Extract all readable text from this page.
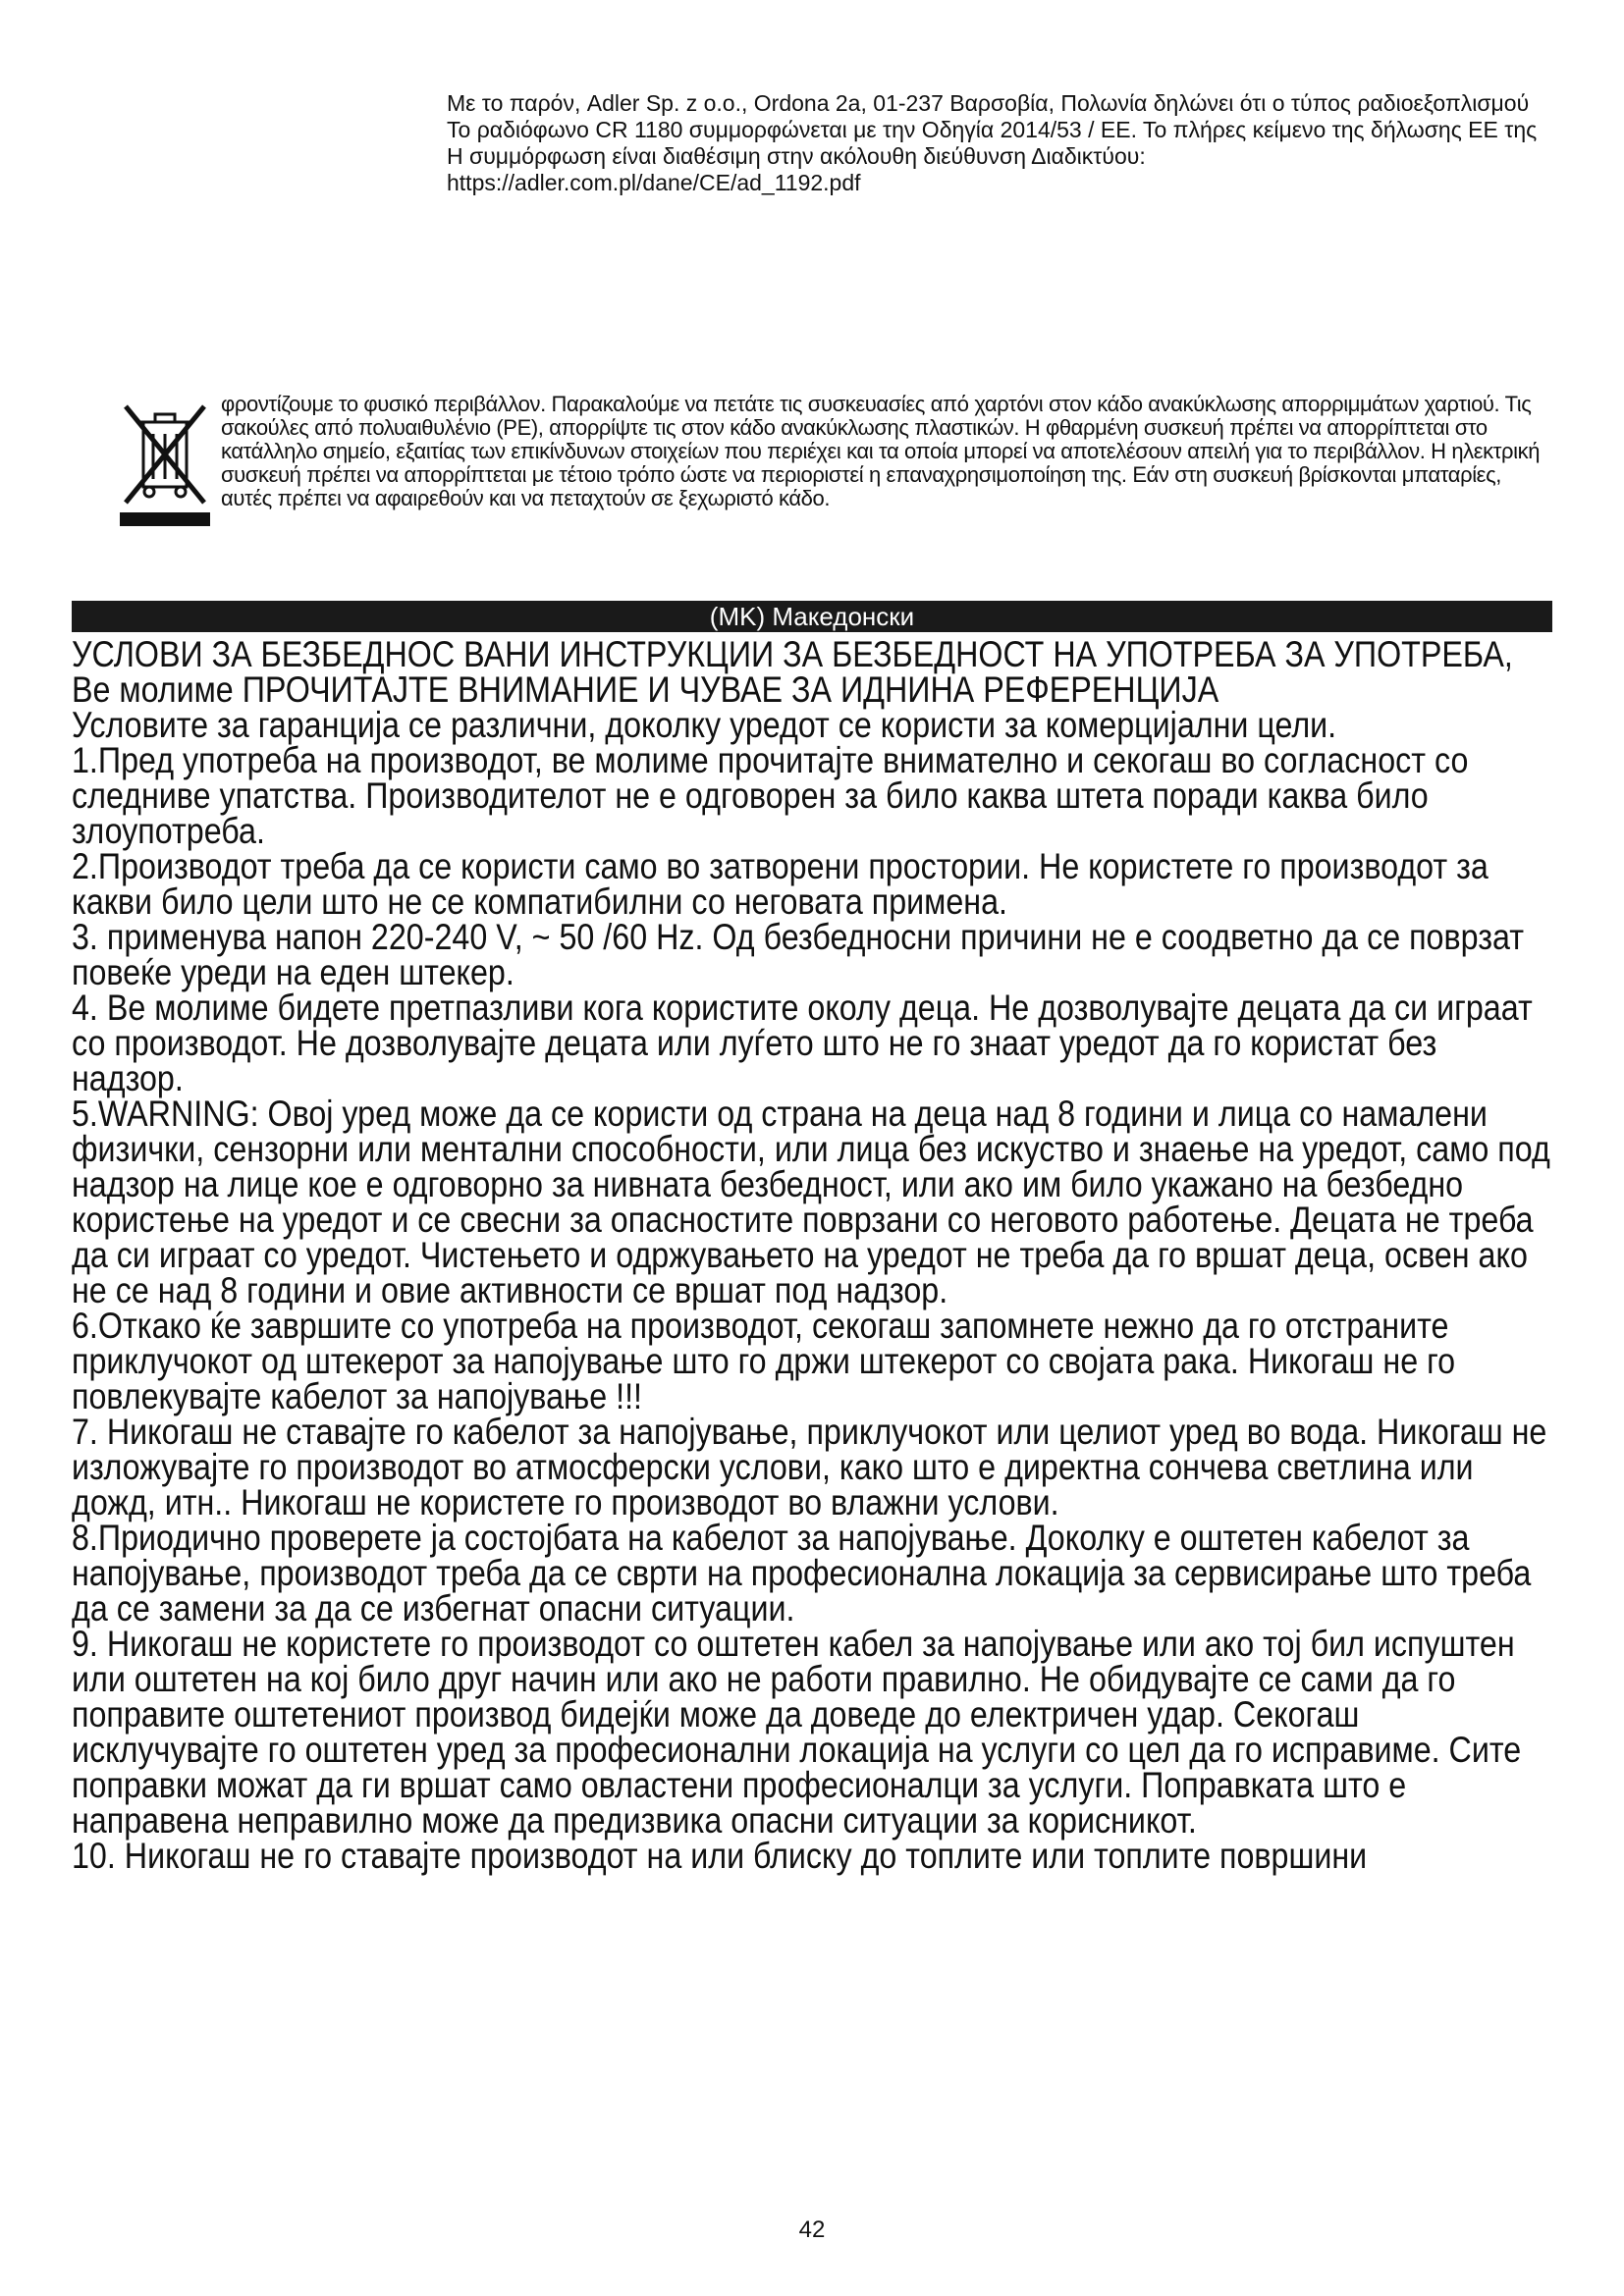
Με το παρόν, Adler Sp. z o.o., Ordona 2a, 01-237 Βαρσοβία, Πολωνία δηλώνει ότι ο τύπος ραδιοεξοπλισμού

Το ραδιόφωνο CR 1180 συμμορφώνεται με την Οδηγία 2014/53 / ΕΕ. Το πλήρες κείμενο της δήλωσης ΕΕ της Η συμμόρφωση είναι διαθέσιμη στην ακόλουθη διεύθυνση Διαδικτύου: https://adler.com.pl/dane/CE/ad_1192.pdf

φροντίζουμε το φυσικό περιβάλλον. Παρακαλούμε να πετάτε τις συσκευασίες από χαρτόνι στον κάδο ανακύκλωσης απορριμμάτων χαρτιού. Τις σακούλες από πολυαιθυλένιο (PE), απορρίψτε τις στον κάδο ανακύκλωσης πλαστικών. Η φθαρμένη συσκευή πρέπει να απορρίπτεται στο κατάλληλο σημείο, εξαιτίας των επικίνδυνων στοιχείων που περιέχει και τα οποία μπορεί να αποτελέσουν απειλή για το περιβάλλον. Η ηλεκτρική συσκευή πρέπει να απορρίπτεται με τέτοιο τρόπο ώστε να περιοριστεί η επαναχρησιμοποίηση της. Εάν στη συσκευή βρίσκονται μπαταρίες, αυτές πρέπει να αφαιρεθούν και να πεταχτούν σε ξεχωριστό κάδο.

(MK) Македонски

УСЛОВИ ЗА БЕЗБЕДНОС ВАНИ ИНСТРУКЦИИ ЗА БЕЗБЕДНОСТ НА УПОТРЕБА ЗА УПОТРЕБА, Ве молиме ПРОЧИТАЈТЕ ВНИМАНИЕ И ЧУВАЕ ЗА ИДНИНА РЕФЕРЕНЦИЈА

Условите за гаранција се различни, доколку уредот се користи за комерцијални цели.

1.Пред употреба на производот, ве молиме прочитајте внимателно и секогаш во согласност со следниве упатства. Производителот не е одговорен за било каква штета поради каква било злоупотреба.

2.Производот треба да се користи само во затворени простории. Не користете го производот за какви било цели што не се компатибилни со неговата примена.

3. применува напон 220-240 V, ~ 50 /60 Hz. Од безбедносни причини не е соодветно да се поврзат повеќе уреди на еден штекер.

4. Ве молиме бидете претпазливи кога користите околу деца. Не дозволувајте децата да си играат со производот. Не дозволувајте децата или луѓето што не го знаат уредот да го користат без надзор.

5.WARNING: Овој уред може да се користи од страна на деца над 8 години и лица со намалени физички, сензорни или ментални способности, или лица без искуство и знаење на уредот, само под надзор на лице кое е одговорно за нивната безбедност, или ако им било укажано на безбедно користење на уредот и се свесни за опасностите поврзани со неговото работење. Децата не треба да си играат со уредот. Чистењето и одржувањето на уредот не треба да го вршат деца, освен ако не се над 8 години и овие активности се вршат под надзор.

6.Откако ќе завршите со употреба на производот, секогаш запомнете нежно да го отстраните приклучокот од штекерот за напојување што го држи штекерот со својата рака. Никогаш не го повлекувајте кабелот за напојување !!!

7. Никогаш не ставајте го кабелот за напојување, приклучокот или целиот уред во вода. Никогаш не изложувајте го производот во атмосферски услови, како што е директна сончева светлина или дожд, итн.. Никогаш не користете го производот во влажни услови.

8.Приодично проверете ја состојбата на кабелот за напојување. Доколку е оштетен кабелот за напојување, производот треба да се сврти на професионална локација за сервисирање што треба да се замени за да се избегнат опасни ситуации.

9. Никогаш не користете го производот со оштетен кабел за напојување или ако тој бил испуштен или оштетен на кој било друг начин или ако не работи правилно. Не обидувајте се сами да го поправите оштетениот производ бидејќи може да доведе до електричен удар. Секогаш исклучувајте го оштетен уред за професионални локација на услуги со цел да го исправиме. Сите поправки можат да ги вршат само овластени професионалци за услуги. Поправката што е направена неправилно може да предизвика опасни ситуации за корисникот.

10. Никогаш не го ставајте производот на или блиску до топлите или топлите површини

42
